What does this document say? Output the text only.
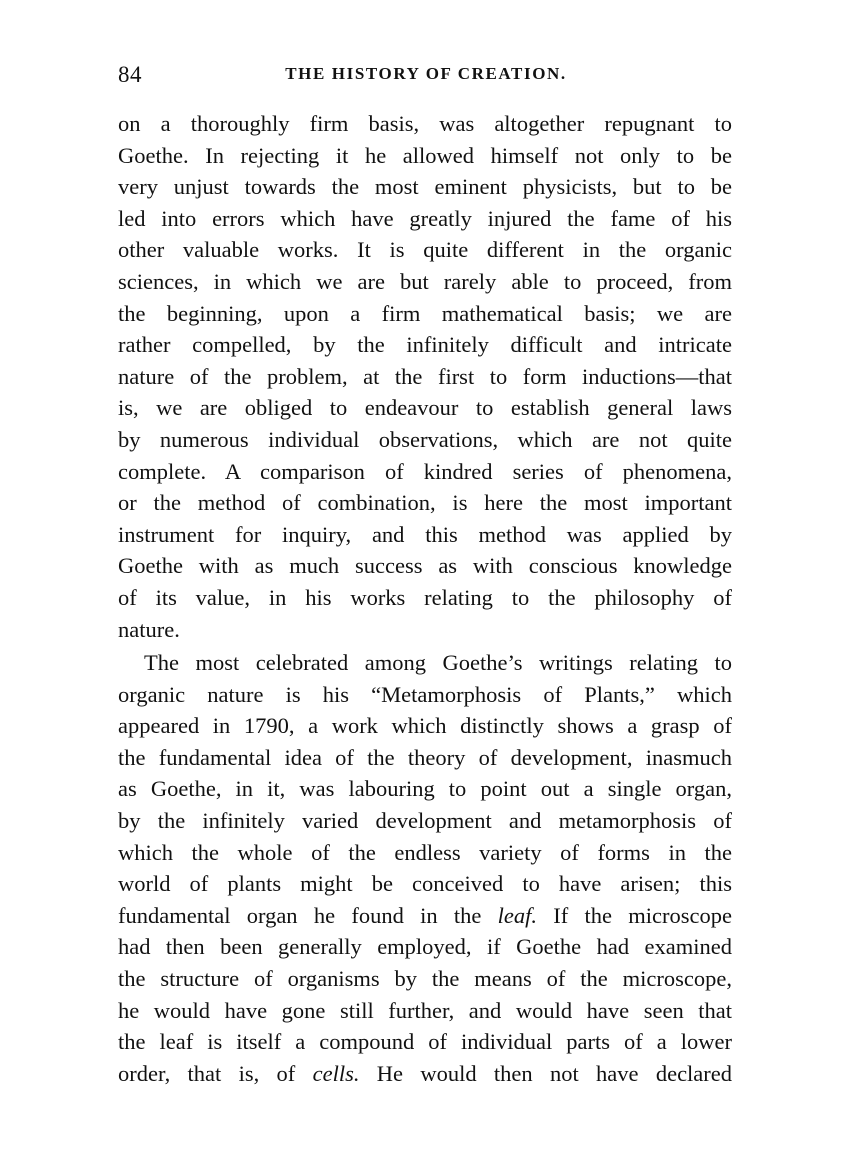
84	THE HISTORY OF CREATION.
on a thoroughly firm basis, was altogether repugnant to
Goethe. In rejecting it he allowed himself not only to be
very unjust towards the most eminent physicists, but to be
led into errors which have greatly injured the fame of his
other valuable works. It is quite different in the organic
sciences, in which we are but rarely able to proceed, from
the beginning, upon a firm mathematical basis; we are
rather compelled, by the infinitely difficult and intricate
nature of the problem, at the first to form inductions—that
is, we are obliged to endeavour to establish general laws
by numerous individual observations, which are not quite
complete. A comparison of kindred series of phenomena,
or the method of combination, is here the most important
instrument for inquiry, and this method was applied by
Goethe with as much success as with conscious knowledge
of its value, in his works relating to the philosophy of
nature.
The most celebrated among Goethe’s writings relating to
organic nature is his “Metamorphosis of Plants,” which
appeared in 1790, a work which distinctly shows a grasp of
the fundamental idea of the theory of development, inasmuch
as Goethe, in it, was labouring to point out a single organ,
by the infinitely varied development and metamorphosis of
which the whole of the endless variety of forms in the
world of plants might be conceived to have arisen; this
fundamental organ he found in the leaf. If the microscope
had then been generally employed, if Goethe had examined
the structure of organisms by the means of the microscope,
he would have gone still further, and would have seen that
the leaf is itself a compound of individual parts of a lower
order, that is, of cells. He would then not have declared
